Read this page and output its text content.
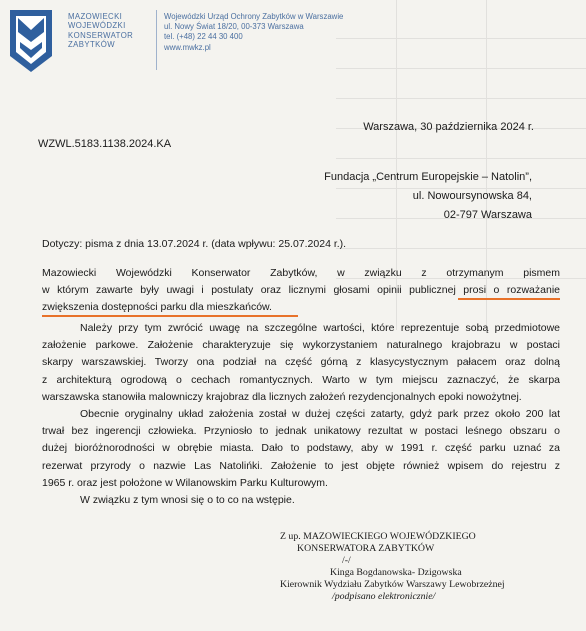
MAZOWIECKI
WOJEWÓDZKI
KONSERWATOR
ZABYTKÓW
Wojewódzki Urząd Ochrony Zabytków w Warszawie
ul. Nowy Świat 18/20, 00-373 Warszawa
tel. (+48) 22 44 30 400
www.mwkz.pl
Warszawa, 30 października 2024 r.
WZWL.5183.1138.2024.KA
Fundacja „Centrum Europejskie – Natolin”,
ul. Nowoursynowska 84,
02-797 Warszawa
Dotyczy: pisma z dnia 13.07.2024 r. (data wpływu: 25.07.2024 r.).
Mazowiecki Wojewódzki Konserwator Zabytków, w związku z otrzymanym pismem
w którym zawarte były uwagi i postulaty oraz licznymi głosami opinii publicznej prosi o rozważanie
zwiększenia dostępności parku dla mieszkańców.
Należy przy tym zwrócić uwagę na szczególne wartości, które reprezentuje sobą przedmiotowe
założenie parkowe. Założenie charakteryzuje się wykorzystaniem naturalnego krajobrazu w postaci
skarpy warszawskiej. Tworzy ona podział na część górną z klasycystycznym pałacem oraz dolną
z architekturą ogrodową o cechach romantycznych. Warto w tym miejscu zaznaczyć, że skarpa
warszawska stanowiła malowniczy krajobraz dla licznych założeń rezydencjonalnych epoki nowożytnej.
Obecnie oryginalny układ założenia został w dużej części zatarty, gdyż park przez około 200 lat
trwał bez ingerencji człowieka. Przyniosło to jednak unikatowy rezultat w postaci leśnego obszaru o
dużej bioróżnorodności w obrębie miasta. Dało to podstawy, aby w 1991 r. część parku uznać za
rezerwat przyrody o nazwie Las Natolińki. Założenie to jest objęte również wpisem do rejestru z
1965 r. oraz jest położone w Wilanowskim Parku Kulturowym.
W związku z tym wnosi się o to co na wstępie.
Z up. MAZOWIECKIEGO WOJEWÓDZKIEGO
KONSERWATORA ZABYTKÓW
/-/
Kinga Bogdanowska- Dzigowska
Kierownik Wydziału Zabytków Warszawy Lewobrzeżnej
/podpisano elektronicznie/
